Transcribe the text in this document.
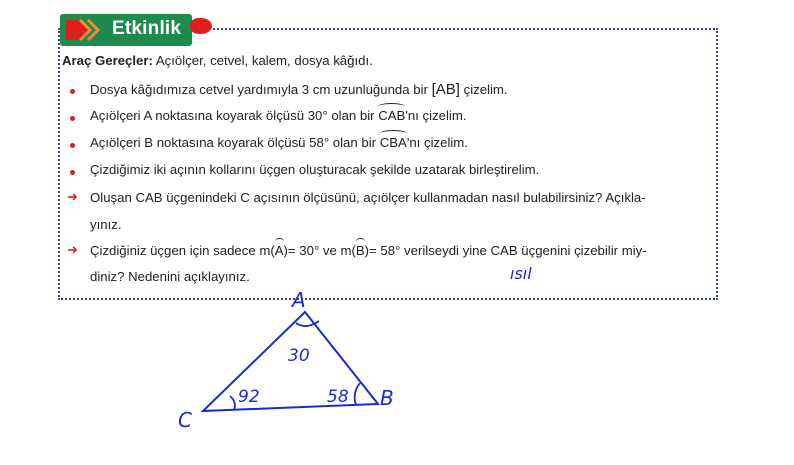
Etkinlik
Araç Gereçler: Açıölçer, cetvel, kalem, dosya kâğıdı.
Dosya kâğıdımıza cetvel yardımıyla 3 cm uzunluğunda bir [AB] çizelim.
Açıölçeri A noktasına koyarak ölçüsü 30° olan bir CAB'nı çizelim.
Açıölçeri B noktasına koyarak ölçüsü 58° olan bir CBA'nı çizelim.
Çizdiğimiz iki açının kollarını üçgen oluşturacak şekilde uzatarak birleştirelim.
➜ Oluşan CAB üçgenindeki C açısının ölçüsünü, açıölçer kullanmadan nasıl bulabilirsiniz? Açıkla-
yınız.
➜ Çizdiğiniz üçgen için sadece m(A)= 30° ve m(B)= 58° verilseydi yine CAB üçgenini çizebilir miy-
diniz? Nedenini açıklayınız.	ısıl
A
B
C
30
92	58
